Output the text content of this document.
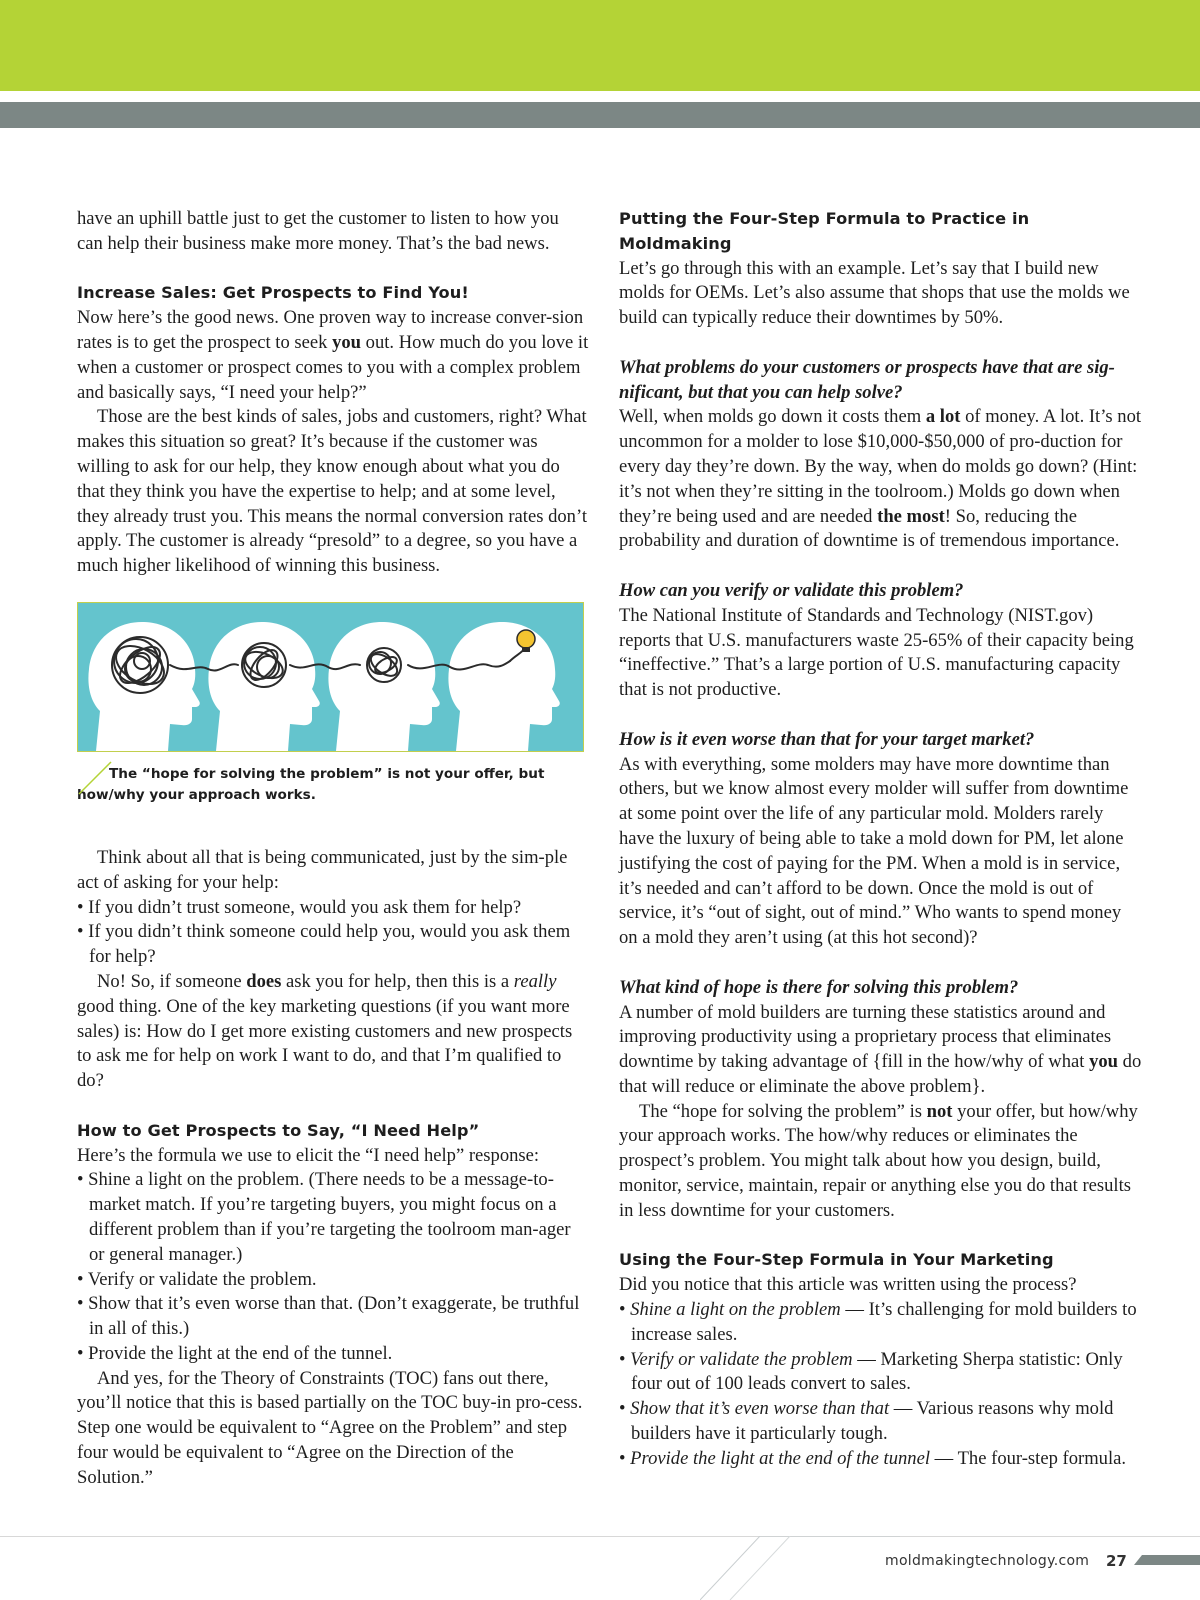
have an uphill battle just to get the customer to listen to how you can help their business make more money. That’s the bad news.

Increase Sales: Get Prospects to Find You!

Now here’s the good news. One proven way to increase conver-sion rates is to get the prospect to seek you out. How much do you love it when a customer or prospect comes to you with a complex problem and basically says, “I need your help?”

Those are the best kinds of sales, jobs and customers, right? What makes this situation so great? It’s because if the customer was willing to ask for our help, they know enough about what you do that they think you have the expertise to help; and at some level, they already trust you. This means the normal conversion rates don’t apply. The customer is already “presold” to a degree, so you have a much higher likelihood of winning this business.

The “hope for solving the problem” is not your offer, but how/why your approach works.

Think about all that is being communicated, just by the sim-ple act of asking for your help:

• If you didn’t trust someone, would you ask them for help?
• If you didn’t think someone could help you, would you ask them for help?

No! So, if someone does ask you for help, then this is a really good thing. One of the key marketing questions (if you want more sales) is: How do I get more existing customers and new prospects to ask me for help on work I want to do, and that I’m qualified to do?

How to Get Prospects to Say, “I Need Help”

Here’s the formula we use to elicit the “I need help” response:

• Shine a light on the problem. (There needs to be a message-to-market match. If you’re targeting buyers, you might focus on a different problem than if you’re targeting the toolroom man-ager or general manager.)
• Verify or validate the problem.
• Show that it’s even worse than that. (Don’t exaggerate, be truthful in all of this.)
• Provide the light at the end of the tunnel.

And yes, for the Theory of Constraints (TOC) fans out there, you’ll notice that this is based partially on the TOC buy-in pro-cess. Step one would be equivalent to “Agree on the Problem” and step four would be equivalent to “Agree on the Direction of the Solution.”

Putting the Four-Step Formula to Practice in Moldmaking

Let’s go through this with an example. Let’s say that I build new molds for OEMs. Let’s also assume that shops that use the molds we build can typically reduce their downtimes by 50%.

What problems do your customers or prospects have that are sig-nificant, but that you can help solve?

Well, when molds go down it costs them a lot of money. A lot. It’s not uncommon for a molder to lose $10,000-$50,000 of pro-duction for every day they’re down. By the way, when do molds go down? (Hint: it’s not when they’re sitting in the toolroom.) Molds go down when they’re being used and are needed the most! So, reducing the probability and duration of downtime is of tremendous importance.

How can you verify or validate this problem?

The National Institute of Standards and Technology (NIST.gov) reports that U.S. manufacturers waste 25-65% of their capacity being “ineffective.” That’s a large portion of U.S. manufacturing capacity that is not productive.

How is it even worse than that for your target market?

As with everything, some molders may have more downtime than others, but we know almost every molder will suffer from downtime at some point over the life of any particular mold. Molders rarely have the luxury of being able to take a mold down for PM, let alone justifying the cost of paying for the PM. When a mold is in service, it’s needed and can’t afford to be down. Once the mold is out of service, it’s “out of sight, out of mind.” Who wants to spend money on a mold they aren’t using (at this hot second)?

What kind of hope is there for solving this problem?

A number of mold builders are turning these statistics around and improving productivity using a proprietary process that eliminates downtime by taking advantage of {fill in the how/why of what you do that will reduce or eliminate the above problem}.

The “hope for solving the problem” is not your offer, but how/why your approach works. The how/why reduces or eliminates the prospect’s problem. You might talk about how you design, build, monitor, service, maintain, repair or anything else you do that results in less downtime for your customers.

Using the Four-Step Formula in Your Marketing

Did you notice that this article was written using the process?

• Shine a light on the problem — It’s challenging for mold builders to increase sales.
• Verify or validate the problem — Marketing Sherpa statistic: Only four out of 100 leads convert to sales.
• Show that it’s even worse than that — Various reasons why mold builders have it particularly tough.
• Provide the light at the end of the tunnel — The four-step formula.
moldmakingtechnology.com 27
